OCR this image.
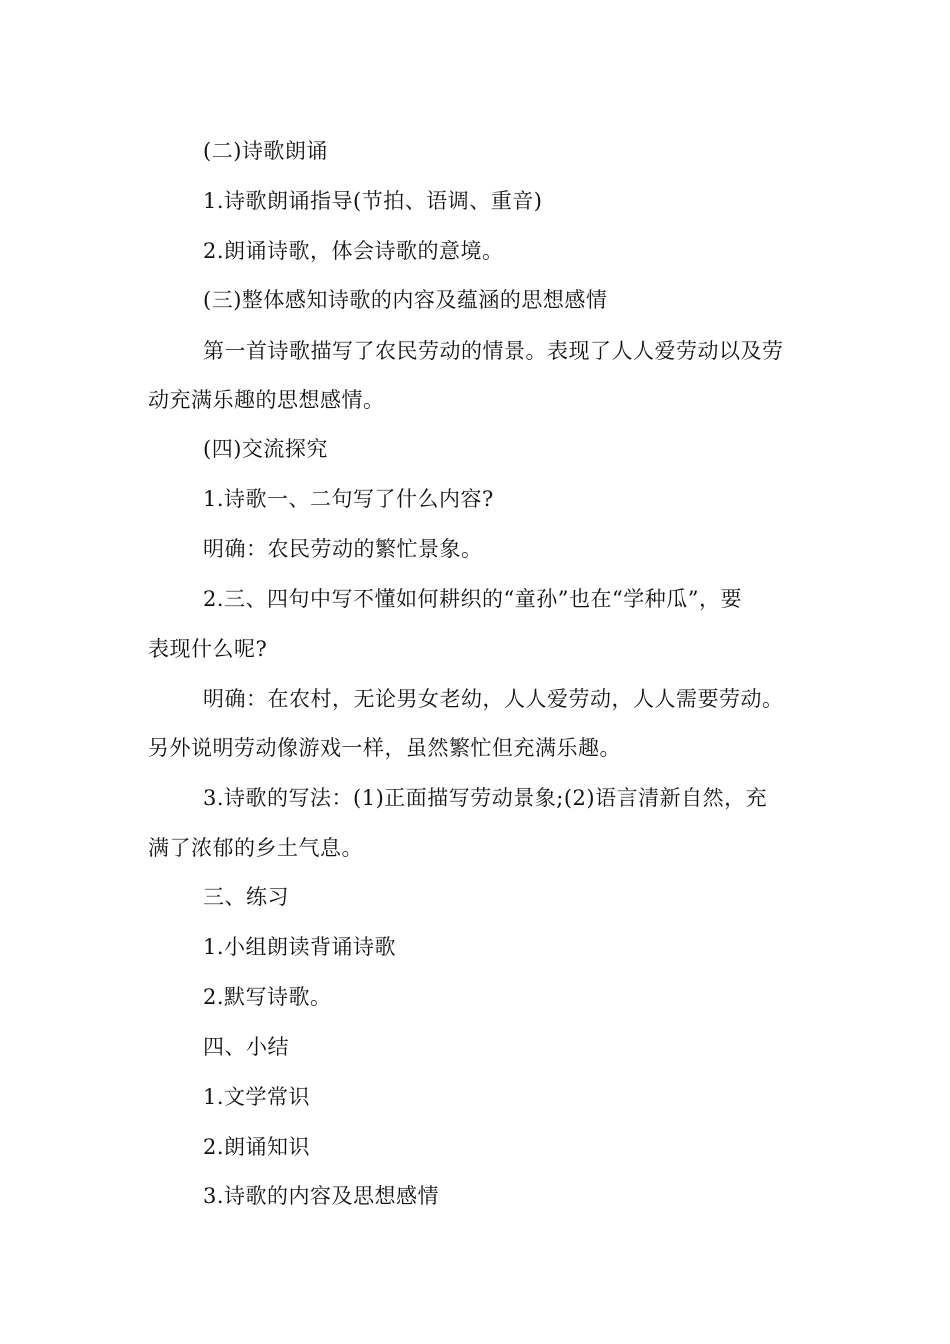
(二)诗歌朗诵
1.诗歌朗诵指导(节拍、语调、重音)
2.朗诵诗歌，体会诗歌的意境。
(三)整体感知诗歌的内容及蕴涵的思想感情
第一首诗歌描写了农民劳动的情景。表现了人人爱劳动以及劳
动充满乐趣的思想感情。
(四)交流探究
1.诗歌一、二句写了什么内容?
明确：农民劳动的繁忙景象。
2.三、四句中写不懂如何耕织的“童孙”也在“学种瓜”，要
表现什么呢?
明确：在农村，无论男女老幼，人人爱劳动，人人需要劳动。
另外说明劳动像游戏一样，虽然繁忙但充满乐趣。
3.诗歌的写法：(1)正面描写劳动景象;(2)语言清新自然，充
满了浓郁的乡土气息。
三、练习
1.小组朗读背诵诗歌
2.默写诗歌。
四、小结
1.文学常识
2.朗诵知识
3.诗歌的内容及思想感情
